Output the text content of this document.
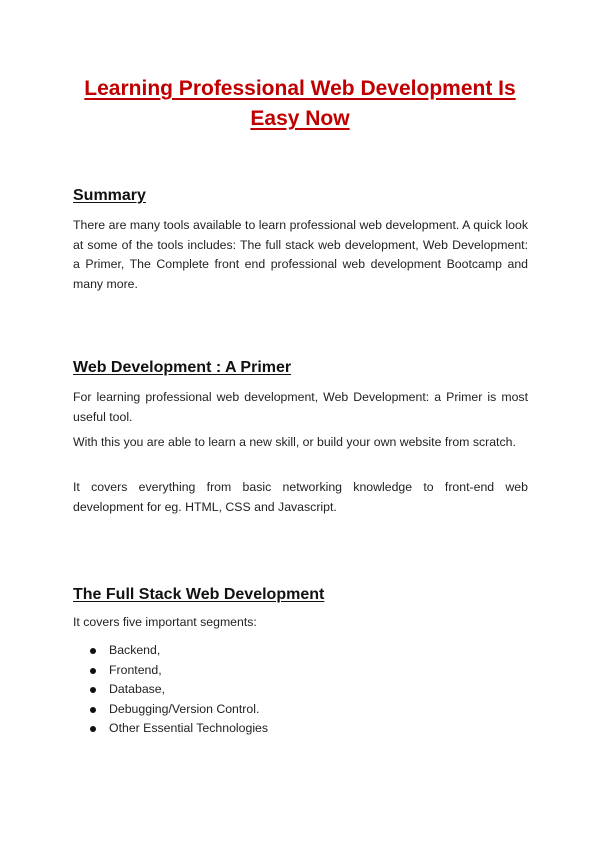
Learning Professional Web Development Is Easy Now
Summary

There are many tools available to learn professional web development. A quick look at some of the tools includes: The full stack web development, Web Development: a Primer, The Complete front end professional web development Bootcamp and many more.

Web Development : A Primer

For learning professional web development, Web Development: a Primer is most useful tool.

With this you are able to learn a new skill, or build your own website from scratch.

It covers everything from basic networking knowledge to front-end web development for eg. HTML, CSS and Javascript.

The Full Stack Web Development

It covers five important segments:

Backend,
Frontend,
Database,
Debugging/Version Control.
Other Essential Technologies
